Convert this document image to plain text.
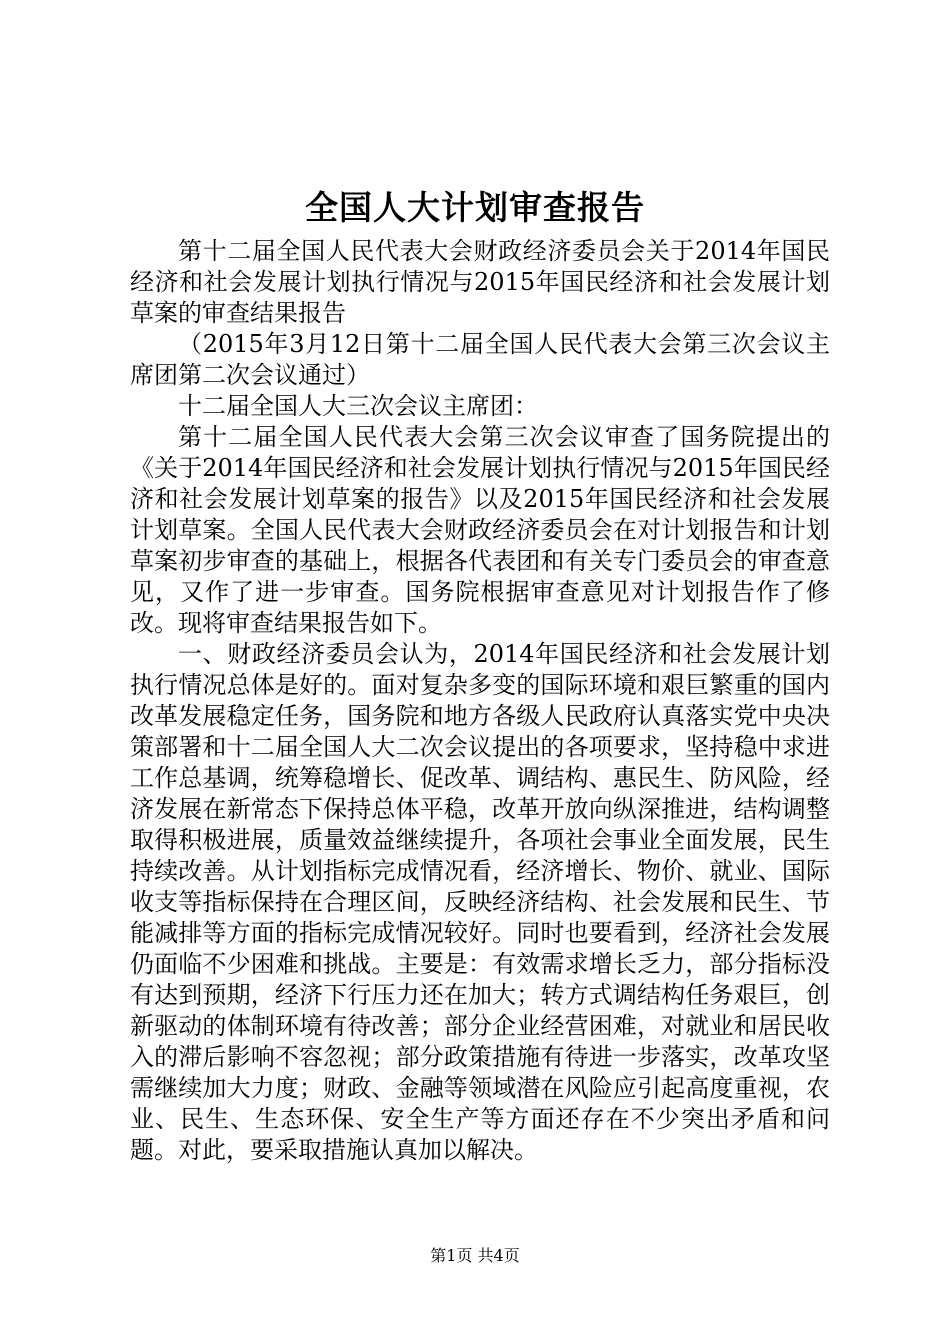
全国人大计划审查报告

第十二届全国人民代表大会财政经济委员会关于2014年国民经济和社会发展计划执行情况与2015年国民经济和社会发展计划草案的审查结果报告

（2015年3月12日第十二届全国人民代表大会第三次会议主席团第二次会议通过）

十二届全国人大三次会议主席团：

第十二届全国人民代表大会第三次会议审查了国务院提出的《关于2014年国民经济和社会发展计划执行情况与2015年国民经济和社会发展计划草案的报告》以及2015年国民经济和社会发展计划草案。全国人民代表大会财政经济委员会在对计划报告和计划草案初步审查的基础上，根据各代表团和有关专门委员会的审查意见，又作了进一步审查。国务院根据审查意见对计划报告作了修改。现将审查结果报告如下。

一、财政经济委员会认为，2014年国民经济和社会发展计划执行情况总体是好的。面对复杂多变的国际环境和艰巨繁重的国内改革发展稳定任务，国务院和地方各级人民政府认真落实党中央决策部署和十二届全国人大二次会议提出的各项要求，坚持稳中求进工作总基调，统筹稳增长、促改革、调结构、惠民生、防风险，经济发展在新常态下保持总体平稳，改革开放向纵深推进，结构调整取得积极进展，质量效益继续提升，各项社会事业全面发展，民生持续改善。从计划指标完成情况看，经济增长、物价、就业、国际收支等指标保持在合理区间，反映经济结构、社会发展和民生、节能减排等方面的指标完成情况较好。同时也要看到，经济社会发展仍面临不少困难和挑战。主要是：有效需求增长乏力，部分指标没有达到预期，经济下行压力还在加大；转方式调结构任务艰巨，创新驱动的体制环境有待改善；部分企业经营困难，对就业和居民收入的滞后影响不容忽视；部分政策措施有待进一步落实，改革攻坚需继续加大力度；财政、金融等领域潜在风险应引起高度重视，农业、民生、生态环保、安全生产等方面还存在不少突出矛盾和问题。对此，要采取措施认真加以解决。

第1页 共4页
